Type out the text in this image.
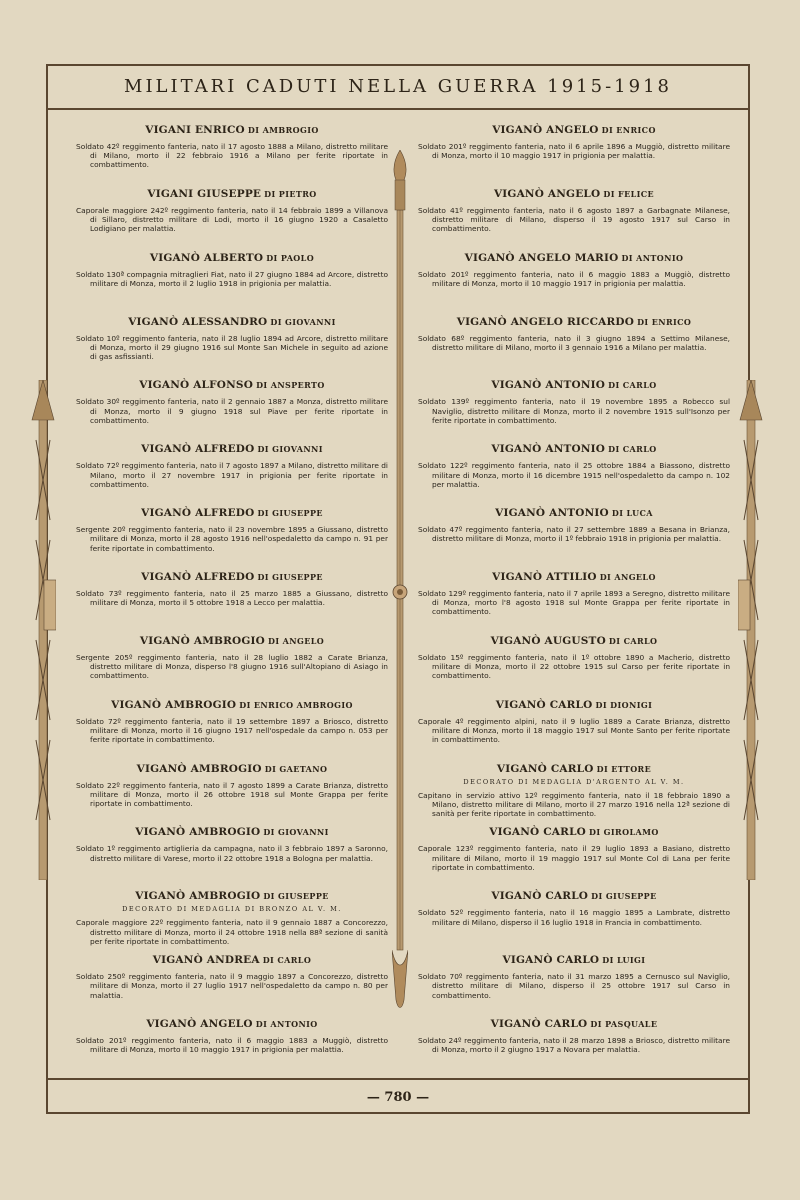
MILITARI CADUTI NELLA GUERRA 1915-1918
VIGANI ENRICO DI AMBROGIO
Soldato 42º reggimento fanteria, nato il 17 agosto 1888 a Milano, distretto militare di Milano, morto il 22 febbraio 1916 a Milano per ferite riportate in combattimento.
VIGANI GIUSEPPE DI PIETRO
Caporale maggiore 242º reggimento fanteria, nato il 14 febbraio 1899 a Villanova di Sillaro, distretto militare di Lodi, morto il 16 giugno 1920 a Casaletto Lodigiano per malattia.
VIGANÒ ALBERTO DI PAOLO
Soldato 130ª compagnia mitraglieri Fiat, nato il 27 giugno 1884 ad Arcore, distretto militare di Monza, morto il 2 luglio 1918 in prigionia per malattia.
VIGANÒ ALESSANDRO DI GIOVANNI
Soldato 10º reggimento fanteria, nato il 28 luglio 1894 ad Arcore, distretto militare di Monza, morto il 29 giugno 1916 sul Monte San Michele in seguito ad azione di gas asfissianti.
VIGANÒ ALFONSO DI ANSPERTO
Soldato 30º reggimento fanteria, nato il 2 gennaio 1887 a Monza, distretto militare di Monza, morto il 9 giugno 1918 sul Piave per ferite riportate in combattimento.
VIGANÒ ALFREDO DI GIOVANNI
Soldato 72º reggimento fanteria, nato il 7 agosto 1897 a Milano, distretto militare di Milano, morto il 27 novembre 1917 in prigionia per ferite riportate in combattimento.
VIGANÒ ALFREDO DI GIUSEPPE
Sergente 20º reggimento fanteria, nato il 23 novembre 1895 a Giussano, distretto militare di Monza, morto il 28 agosto 1916 nell'ospedaletto da campo n. 91 per ferite riportate in combattimento.
VIGANÒ ALFREDO DI GIUSEPPE
Soldato 73º reggimento fanteria, nato il 25 marzo 1885 a Giussano, distretto militare di Monza, morto il 5 ottobre 1918 a Lecco per malattia.
VIGANÒ AMBROGIO DI ANGELO
Sergente 205º reggimento fanteria, nato il 28 luglio 1882 a Carate Brianza, distretto militare di Monza, disperso l'8 giugno 1916 sull'Altopiano di Asiago in combattimento.
VIGANÒ AMBROGIO DI ENRICO AMBROGIO
Soldato 72º reggimento fanteria, nato il 19 settembre 1897 a Briosco, distretto militare di Monza, morto il 16 giugno 1917 nell'ospedale da campo n. 053 per ferite riportate in combattimento.
VIGANÒ AMBROGIO DI GAETANO
Soldato 22º reggimento fanteria, nato il 7 agosto 1899 a Carate Brianza, distretto militare di Monza, morto il 26 ottobre 1918 sul Monte Grappa per ferite riportate in combattimento.
VIGANÒ AMBROGIO DI GIOVANNI
Soldato 1º reggimento artiglieria da campagna, nato il 3 febbraio 1897 a Saronno, distretto militare di Varese, morto il 22 ottobre 1918 a Bologna per malattia.
VIGANÒ AMBROGIO DI GIUSEPPE
DECORATO DI MEDAGLIA DI BRONZO AL V. M.
Caporale maggiore 22º reggimento fanteria, nato il 9 gennaio 1887 a Concorezzo, distretto militare di Monza, morto il 24 ottobre 1918 nella 88ª sezione di sanità per ferite riportate in combattimento.
VIGANÒ ANDREA DI CARLO
Soldato 250º reggimento fanteria, nato il 9 maggio 1897 a Concorezzo, distretto militare di Monza, morto il 27 luglio 1917 nell'ospedaletto da campo n. 80 per malattia.
VIGANÒ ANGELO DI ANTONIO
Soldato 201º reggimento fanteria, nato il 6 maggio 1883 a Muggiò, distretto militare di Monza, morto il 10 maggio 1917 in prigionia per malattia.
VIGANÒ ANGELO DI ENRICO
Soldato 201º reggimento fanteria, nato il 6 aprile 1896 a Muggiò, distretto militare di Monza, morto il 10 maggio 1917 in prigionia per malattia.
VIGANÒ ANGELO DI FELICE
Soldato 41º reggimento fanteria, nato il 6 agosto 1897 a Garbagnate Milanese, distretto militare di Milano, disperso il 19 agosto 1917 sul Carso in combattimento.
VIGANÒ ANGELO MARIO DI ANTONIO
Soldato 201º reggimento fanteria, nato il 6 maggio 1883 a Muggiò, distretto militare di Monza, morto il 10 maggio 1917 in prigionia per malattia.
VIGANÒ ANGELO RICCARDO DI ENRICO
Soldato 68º reggimento fanteria, nato il 3 giugno 1894 a Settimo Milanese, distretto militare di Milano, morto il 3 gennaio 1916 a Milano per malattia.
VIGANÒ ANTONIO DI CARLO
Soldato 139º reggimento fanteria, nato il 19 novembre 1895 a Robecco sul Naviglio, distretto militare di Monza, morto il 2 novembre 1915 sull'Isonzo per ferite riportate in combattimento.
VIGANÒ ANTONIO DI CARLO
Soldato 122º reggimento fanteria, nato il 25 ottobre 1884 a Biassono, distretto militare di Monza, morto il 16 dicembre 1915 nell'ospedaletto da campo n. 102 per malattia.
VIGANÒ ANTONIO DI LUCA
Soldato 47º reggimento fanteria, nato il 27 settembre 1889 a Besana in Brianza, distretto militare di Monza, morto il 1º febbraio 1918 in prigionia per malattia.
VIGANÒ ATTILIO DI ANGELO
Soldato 129º reggimento fanteria, nato il 7 aprile 1893 a Seregno, distretto militare di Monza, morto l'8 agosto 1918 sul Monte Grappa per ferite riportate in combattimento.
VIGANÒ AUGUSTO DI CARLO
Soldato 15º reggimento fanteria, nato il 1º ottobre 1890 a Macherio, distretto militare di Monza, morto il 22 ottobre 1915 sul Carso per ferite riportate in combattimento.
VIGANÒ CARLO DI DIONIGI
Caporale 4º reggimento alpini, nato il 9 luglio 1889 a Carate Brianza, distretto militare di Monza, morto il 18 maggio 1917 sul Monte Santo per ferite riportate in combattimento.
VIGANÒ CARLO DI ETTORE
DECORATO DI MEDAGLIA D'ARGENTO AL V. M.
Capitano in servizio attivo 12º reggimento fanteria, nato il 18 febbraio 1890 a Milano, distretto militare di Milano, morto il 27 marzo 1916 nella 12ª sezione di sanità per ferite riportate in combattimento.
VIGANÒ CARLO DI GIROLAMO
Caporale 123º reggimento fanteria, nato il 29 luglio 1893 a Basiano, distretto militare di Milano, morto il 19 maggio 1917 sul Monte Col di Lana per ferite riportate in combattimento.
VIGANÒ CARLO DI GIUSEPPE
Soldato 52º reggimento fanteria, nato il 16 maggio 1895 a Lambrate, distretto militare di Milano, disperso il 16 luglio 1918 in Francia in combattimento.
VIGANÒ CARLO DI LUIGI
Soldato 70º reggimento fanteria, nato il 31 marzo 1895 a Cernusco sul Naviglio, distretto militare di Milano, disperso il 25 ottobre 1917 sul Carso in combattimento.
VIGANÒ CARLO DI PASQUALE
Soldato 24º reggimento fanteria, nato il 28 marzo 1898 a Briosco, distretto militare di Monza, morto il 2 giugno 1917 a Novara per malattia.
— 780 —
